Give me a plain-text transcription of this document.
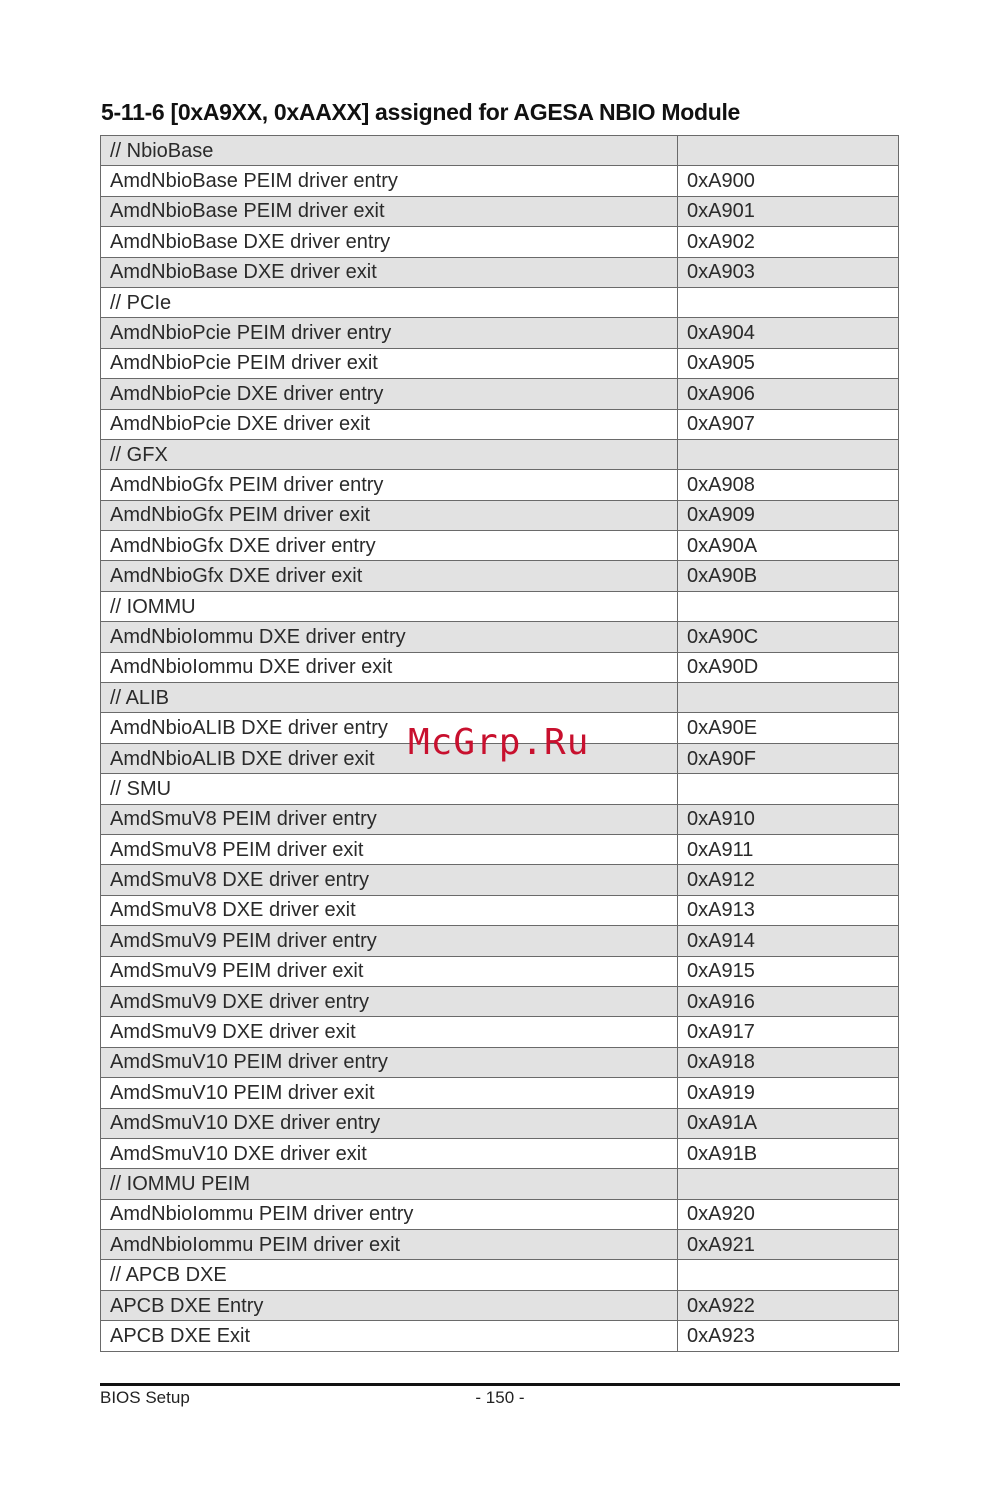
5-11-6 [0xA9XX, 0xAAXX] assigned for AGESA NBIO Module
// NbioBase	
AmdNbioBase PEIM driver entry	0xA900
AmdNbioBase PEIM driver exit	0xA901
AmdNbioBase DXE driver entry	0xA902
AmdNbioBase DXE driver exit	0xA903
// PCIe	
AmdNbioPcie PEIM driver entry	0xA904
AmdNbioPcie PEIM driver exit	0xA905
AmdNbioPcie DXE driver entry	0xA906
AmdNbioPcie DXE driver exit	0xA907
// GFX	
AmdNbioGfx PEIM driver entry	0xA908
AmdNbioGfx PEIM driver exit	0xA909
AmdNbioGfx DXE driver entry	0xA90A
AmdNbioGfx DXE driver exit	0xA90B
// IOMMU	
AmdNbioIommu DXE driver entry	0xA90C
AmdNbioIommu DXE driver exit	0xA90D
// ALIB	
AmdNbioALIB DXE driver entry	0xA90E
AmdNbioALIB DXE driver exit	0xA90F
// SMU	
AmdSmuV8 PEIM driver entry	0xA910
AmdSmuV8 PEIM driver exit	0xA911
AmdSmuV8 DXE driver entry	0xA912
AmdSmuV8 DXE driver exit	0xA913
AmdSmuV9 PEIM driver entry	0xA914
AmdSmuV9 PEIM driver exit	0xA915
AmdSmuV9 DXE driver entry	0xA916
AmdSmuV9 DXE driver exit	0xA917
AmdSmuV10 PEIM driver entry	0xA918
AmdSmuV10 PEIM driver exit	0xA919
AmdSmuV10 DXE driver entry	0xA91A
AmdSmuV10 DXE driver exit	0xA91B
// IOMMU PEIM	
AmdNbioIommu PEIM driver entry	0xA920
AmdNbioIommu PEIM driver exit	0xA921
// APCB DXE	
APCB DXE Entry	0xA922
APCB DXE Exit	0xA923
McGrp.Ru
BIOS Setup	- 150 -
